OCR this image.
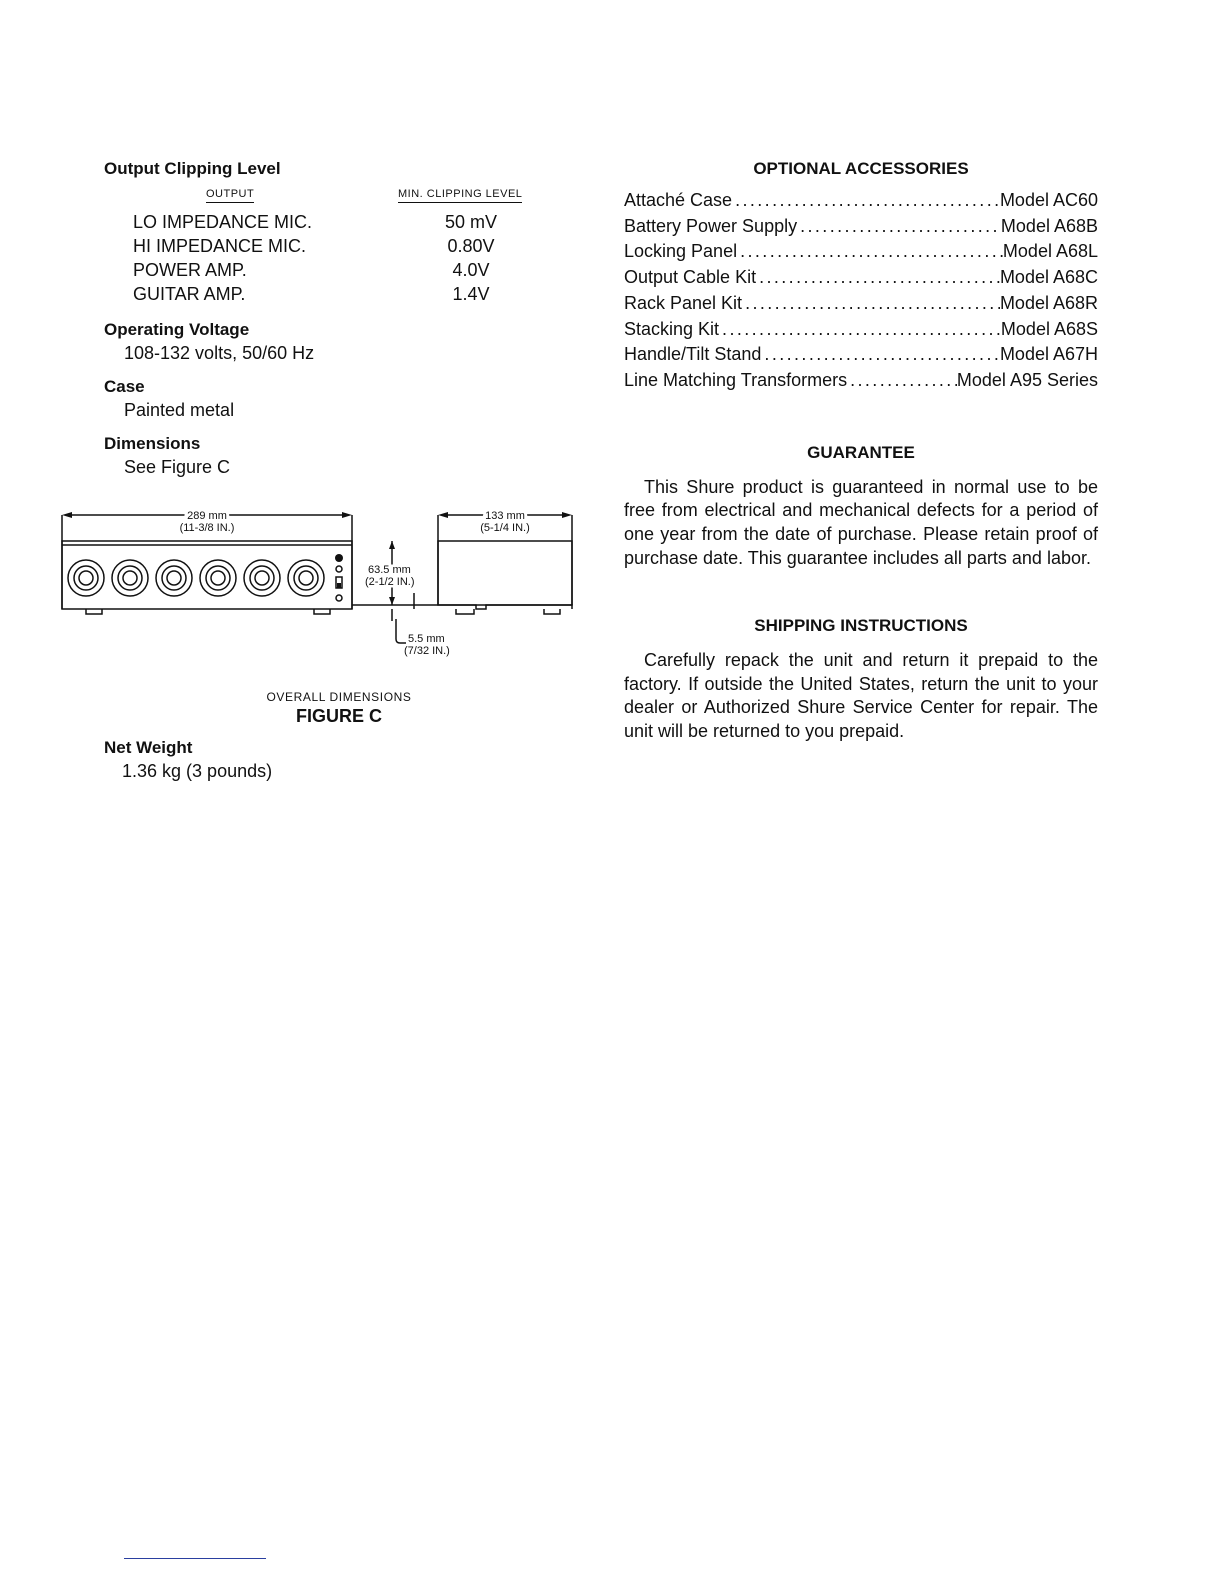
Output Clipping Level

OUTPUT	MIN. CLIPPING LEVEL
LO IMPEDANCE MIC.	50 mV
HI IMPEDANCE MIC.	0.80V
POWER AMP.	4.0V
GUITAR AMP.	1.4V

Operating Voltage

108-132 volts, 50/60 Hz

Case

Painted metal

Dimensions

See Figure C

289 mm
(11-3/8 IN.)
133 mm
(5-1/4 IN.)
63.5 mm
(2-1/2 IN.)
5.5 mm
(7/32 IN.)
OVERALL DIMENSIONS
FIGURE C

Net Weight

1.36 kg (3 pounds)

OPTIONAL ACCESSORIES

Attaché Case .....	Model AC60
Battery Power Supply .....	Model A68B
Locking Panel .....	Model A68L
Output Cable Kit .....	Model A68C
Rack Panel Kit .....	Model A68R
Stacking Kit .....	Model A68S
Handle/Tilt Stand .....	Model A67H
Line Matching Transformers .....	Model A95 Series

GUARANTEE

This Shure product is guaranteed in normal use to be free from electrical and mechanical defects for a period of one year from the date of purchase. Please retain proof of purchase date. This guarantee includes all parts and labor.

SHIPPING INSTRUCTIONS

Carefully repack the unit and return it prepaid to the factory. If outside the United States, return the unit to your dealer or Authorized Shure Service Center for repair. The unit will be returned to you prepaid.
